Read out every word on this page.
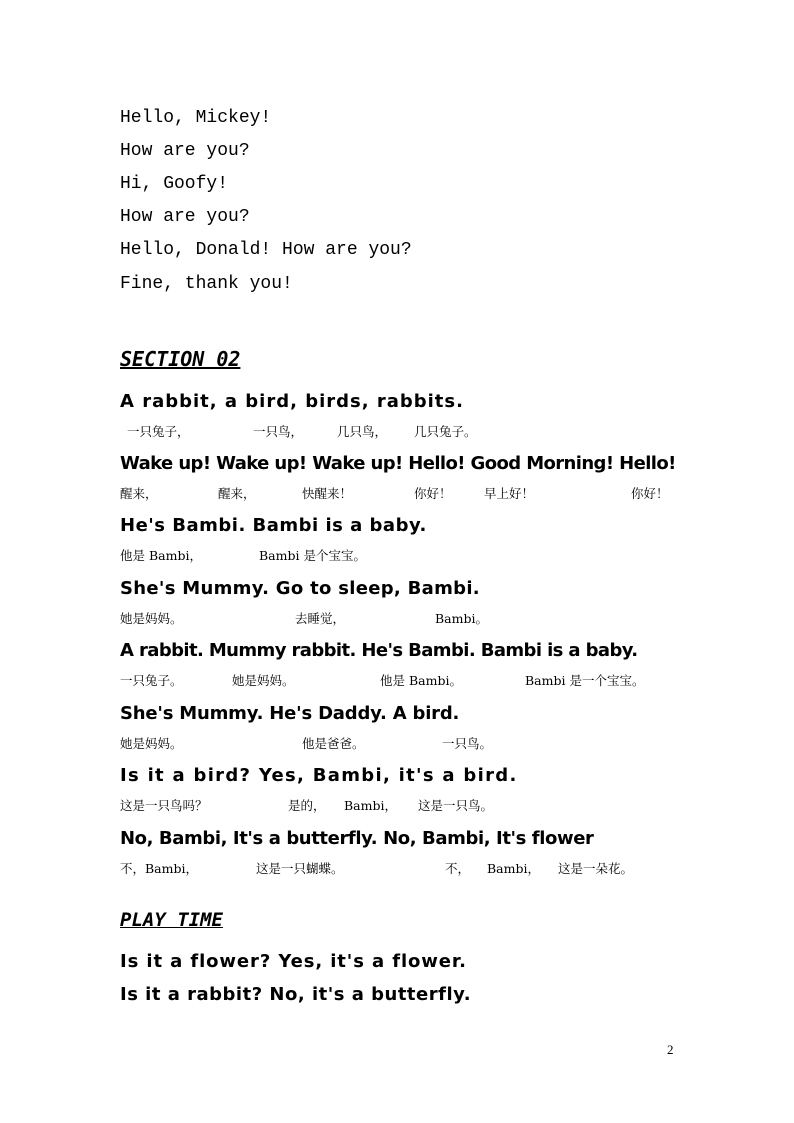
Hello, Mickey!
How are you?
Hi, Goofy!
How are you?
Hello, Donald! How are you?
Fine, thank you!
SECTION 02
A rabbit, a bird, birds, rabbits.
一只兔子，	一只鸟，	几只鸟， 几只兔子。
Wake up! Wake up! Wake up! Hello! Good Morning! Hello!
醒来，	醒来，	快醒来！	你好！	早上好！	你好！
He's Bambi. Bambi is a baby.
他是 Bambi，	Bambi 是个宝宝。
She's Mummy. Go to sleep, Bambi.
她是妈妈。	去睡觉，	Bambi。
A rabbit. Mummy rabbit. He's Bambi. Bambi is a baby.
一只兔子。	她是妈妈。	他是 Bambi。	Bambi 是一个宝宝。
She's Mummy. He's Daddy. A bird.
她是妈妈。	他是爸爸。	一只鸟。
Is it a bird? Yes, Bambi, it's a bird.
这是一只鸟吗？	是的， Bambi， 这是一只鸟。
No, Bambi, It's a butterfly. No, Bambi, It's flower
不，Bambi，	这是一只蝴蝶。	不， Bambi， 这是一朵花。
PLAY TIME
Is it a flower? Yes, it's a flower.
Is it a rabbit? No, it's a butterfly.
2
